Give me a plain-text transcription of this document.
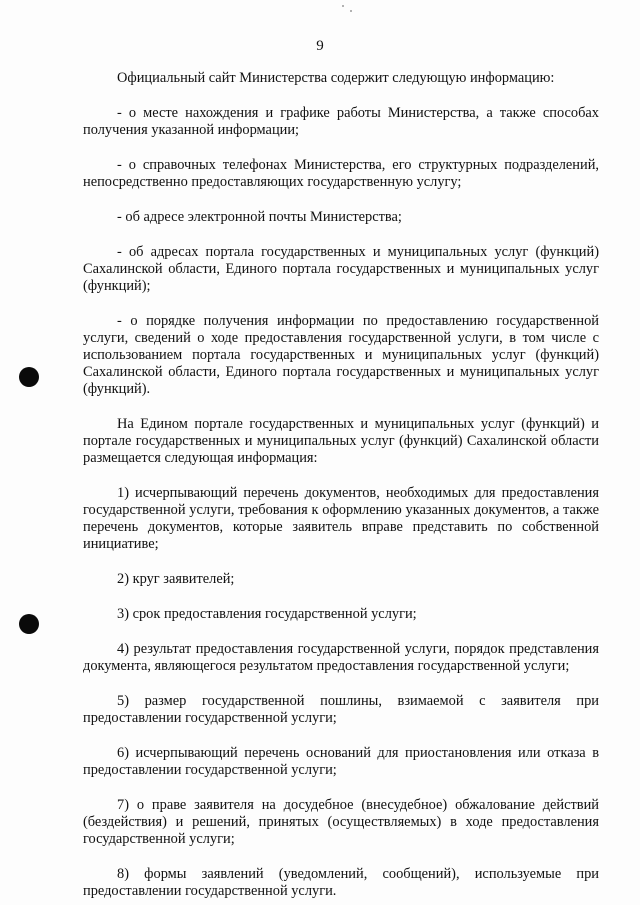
9

Официальный сайт Министерства содержит следующую информацию:

- о месте нахождения и графике работы Министерства, а также способах получения указанной информации;

- о справочных телефонах Министерства, его структурных подразделений, непосредственно предоставляющих государственную услугу;

- об адресе электронной почты Министерства;

- об адресах портала государственных и муниципальных услуг (функций) Сахалинской области, Единого портала государственных и муниципальных услуг (функций);

- о порядке получения информации по предоставлению государственной услуги, сведений о ходе предоставления государственной услуги, в том числе с использованием портала государственных и муниципальных услуг (функций) Сахалинской области, Единого портала государственных и муниципальных услуг (функций).

На Едином портале государственных и муниципальных услуг (функций) и портале государственных и муниципальных услуг (функций) Сахалинской области размещается следующая информация:

1) исчерпывающий перечень документов, необходимых для предоставления государственной услуги, требования к оформлению указанных документов, а также перечень документов, которые заявитель вправе представить по собственной инициативе;

2) круг заявителей;

3) срок предоставления государственной услуги;

4) результат предоставления государственной услуги, порядок представления документа, являющегося результатом предоставления государственной услуги;

5) размер государственной пошлины, взимаемой с заявителя при предоставлении государственной услуги;

6) исчерпывающий перечень оснований для приостановления или отказа в предоставлении государственной услуги;

7) о праве заявителя на досудебное (внесудебное) обжалование действий (бездействия) и решений, принятых (осуществляемых) в ходе предоставления государственной услуги;

8) формы заявлений (уведомлений, сообщений), используемые при предоставлении государственной услуги.
